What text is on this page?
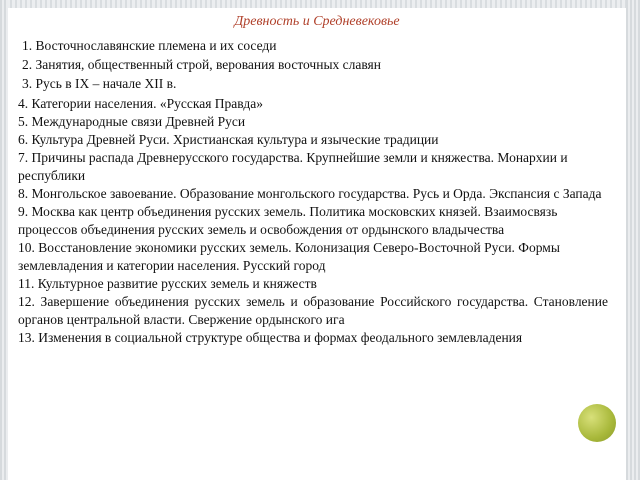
Древность и Средневековье
1. Восточнославянские племена и их соседи
2. Занятия, общественный строй, верования восточных славян
3. Русь в IX – начале XII в.
4. Категории населения. «Русская Правда»
5. Международные связи Древней Руси
6. Культура Древней Руси. Христианская культура и языческие традиции
7. Причины распада Древнерусского государства. Крупнейшие земли и княжества. Монархии и республики
8. Монгольское завоевание. Образование монгольского государства. Русь и Орда. Экспансия с Запада
9. Москва как центр объединения русских земель. Политика московских князей. Взаимосвязь процессов объединения русских земель и освобождения от ордынского владычества
10. Восстановление экономики русских земель. Колонизация Северо-Восточной Руси. Формы землевладения и категории населения. Русский город
11. Культурное развитие русских земель и княжеств
12. Завершение объединения русских земель и образование Российского государства. Становление органов центральной власти. Свержение ордынского ига
13. Изменения в социальной структуре общества и формах феодального землевладения
